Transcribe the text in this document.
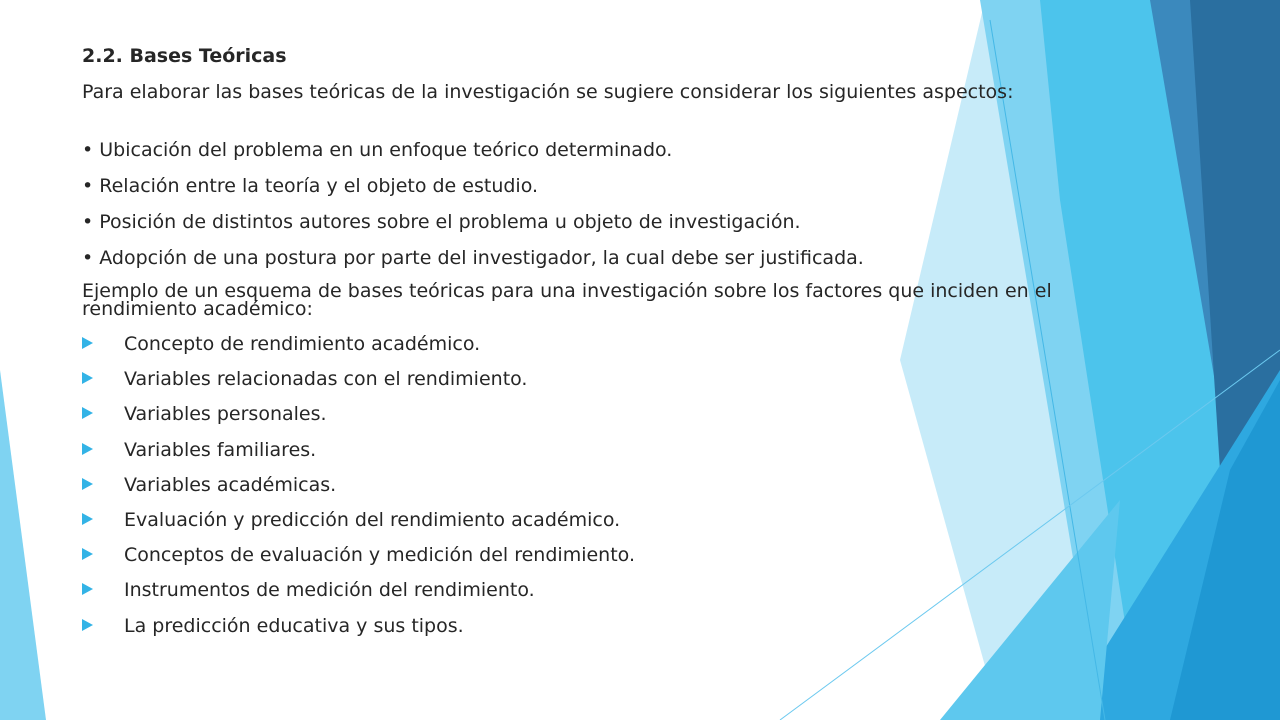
2.2. Bases Teóricas
Para elaborar las bases teóricas de la investigación se sugiere considerar los siguientes aspectos:
• Ubicación del problema en un enfoque teórico determinado.
• Relación entre la teoría y el objeto de estudio.
• Posición de distintos autores sobre el problema u objeto de investigación.
• Adopción de una postura por parte del investigador, la cual debe ser justificada.
Ejemplo de un esquema de bases teóricas para una investigación sobre los factores que inciden en el rendimiento académico:
Concepto de rendimiento académico.
Variables relacionadas con el rendimiento.
Variables personales.
Variables familiares.
Variables académicas.
Evaluación y predicción del rendimiento académico.
Conceptos de evaluación y medición del rendimiento.
Instrumentos de medición del rendimiento.
La predicción educativa y sus tipos.
